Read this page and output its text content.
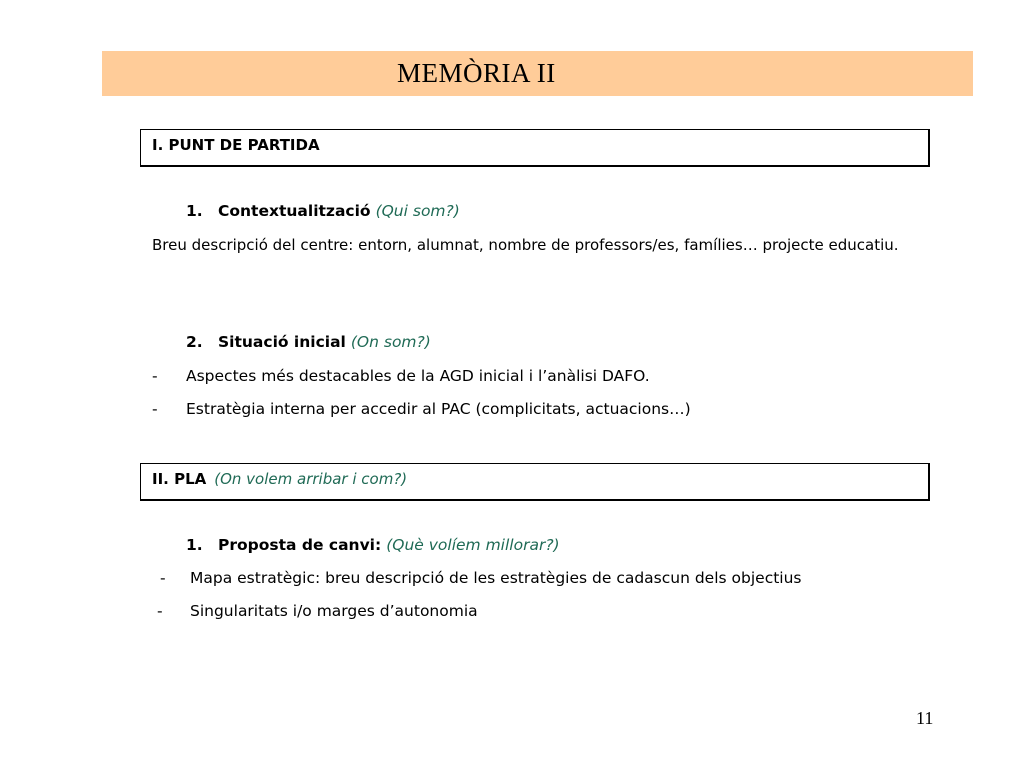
MEMÒRIA II
I. PUNT DE PARTIDA
1. Contextualització (Qui som?)
Breu descripció del centre: entorn, alumnat, nombre de professors/es, famílies… projecte educatiu.
2. Situació inicial (On som?)
- Aspectes més destacables de la AGD inicial i l’anàlisi DAFO.
- Estratègia interna per accedir al PAC (complicitats, actuacions…)
II. PLA (On volem arribar i com?)
1. Proposta de canvi: (Què volíem millorar?)
- Mapa estratègic: breu descripció de les estratègies de cadascun dels objectius
- Singularitats i/o marges d’autonomia
11
